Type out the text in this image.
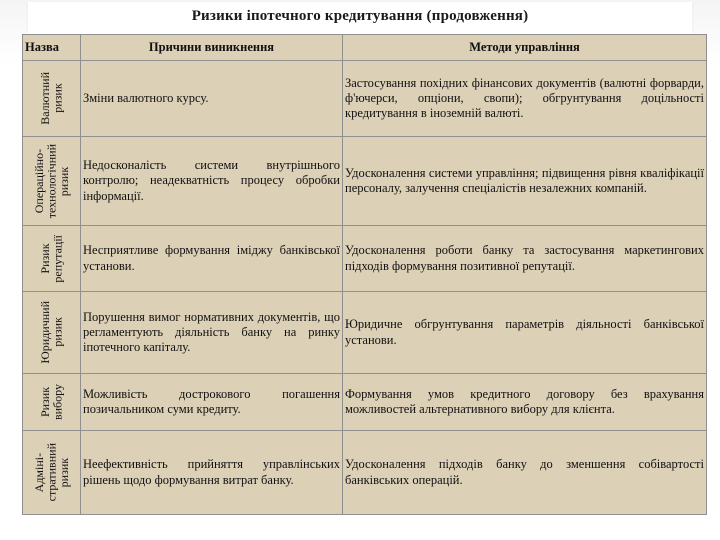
Ризики іпотечного кредитування (продовження)
Назва	Причини виникнення	Методи управління

Валютний
ризик	Зміни валютного курсу.	Застосування похідних фінансових документів (валютні форварди, ф'ючерси, опціони, свопи); обгрунтування доцільності кредитування в іноземній валюті.

Операційно-
технологічний
ризик	Недосконалість системи внутрішнього контролю; неадекватність процесу обробки інформації.	Удосконалення системи управління; підвищення рівня кваліфікації персоналу, залучення спеціалістів незалежних компаній.

Ризик
репутації	Несприятливе формування іміджу банківської установи.	Удосконалення роботи банку та застосування маркетингових підходів формування позитивної репутації.

Юридичний
ризик	Порушення вимог нормативних документів, що регламентують діяльність банку на ринку іпотечного капіталу.	Юридичне обгрунтування параметрів діяльності банківської установи.

Ризик
вибору	Можливість дострокового погашення позичальником суми кредиту.	Формування умов кредитного договору без врахування можливостей альтернативного вибору для клієнта.

Адміні-
стративний
ризик	Неефективність прийняття управлінських рішень щодо формування витрат банку.	Удосконалення підходів банку до зменшення собівартості банківських операцій.
